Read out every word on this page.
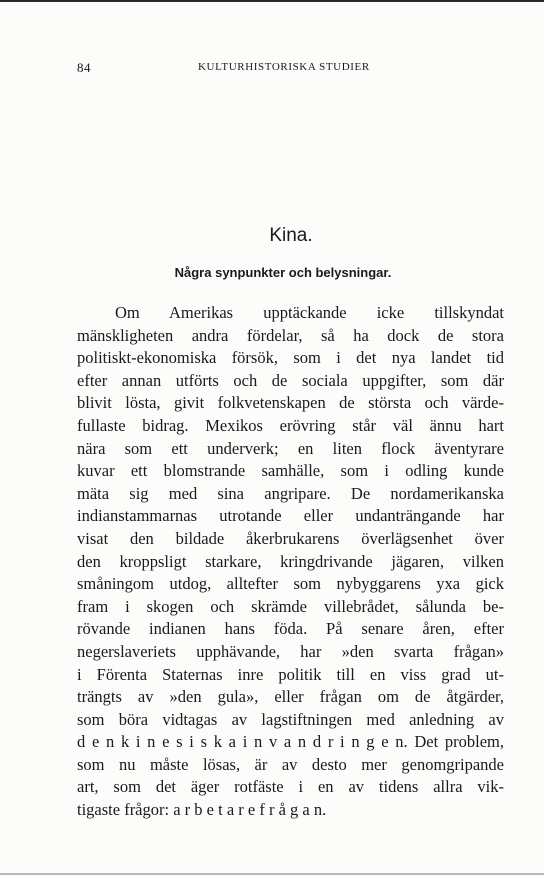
84	KULTURHISTORISKA STUDIER
Kina.
Några synpunkter och belysningar.
Om Amerikas upptäckande icke tillskyndat
mänskligheten andra fördelar, så ha dock de stora
politiskt-ekonomiska försök, som i det nya landet tid
efter annan utförts och de sociala uppgifter, som där
blivit lösta, givit folkvetenskapen de största och värde-
fullaste bidrag. Mexikos erövring står väl ännu hart
nära som ett underverk; en liten flock äventyrare
kuvar ett blomstrande samhälle, som i odling kunde
mäta sig med sina angripare. De nordamerikanska
indianstammarnas utrotande eller undanträngande har
visat den bildade åkerbrukarens överlägsenhet över
den kroppsligt starkare, kringdrivande jägaren, vilken
småningom utdog, alltefter som nybyggarens yxa gick
fram i skogen och skrämde villebrådet, sålunda be-
rövande indianen hans föda. På senare åren, efter
negerslaveriets upphävande, har »den svarta frågan»
i Förenta Staternas inre politik till en viss grad ut-
trängts av »den gula», eller frågan om de åtgärder,
som böra vidtagas av lagstiftningen med anledning av
d e n k i n e s i s k a i n v a n d r i n g e n. Det problem,
som nu måste lösas, är av desto mer genomgripande
art, som det äger rotfäste i en av tidens allra vik-
tigaste frågor: a r b e t a r e f r å g a n.
